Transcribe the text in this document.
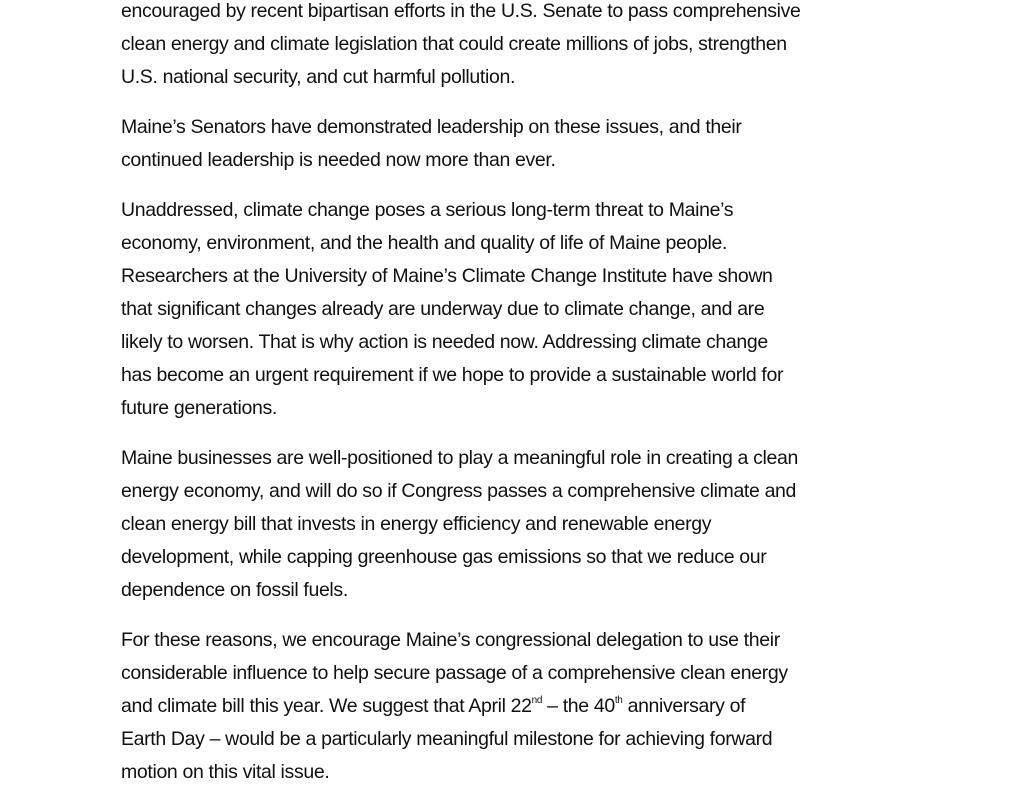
encouraged by recent bipartisan efforts in the U.S. Senate to pass comprehensive
clean energy and climate legislation that could create millions of jobs, strengthen
U.S. national security, and cut harmful pollution.
Maine’s Senators have demonstrated leadership on these issues, and their
continued leadership is needed now more than ever.
Unaddressed, climate change poses a serious long-term threat to Maine’s
economy, environment, and the health and quality of life of Maine people.
Researchers at the University of Maine’s Climate Change Institute have shown
that significant changes already are underway due to climate change, and are
likely to worsen. That is why action is needed now. Addressing climate change
has become an urgent requirement if we hope to provide a sustainable world for
future generations.
Maine businesses are well-positioned to play a meaningful role in creating a clean
energy economy, and will do so if Congress passes a comprehensive climate and
clean energy bill that invests in energy efficiency and renewable energy
development, while capping greenhouse gas emissions so that we reduce our
dependence on fossil fuels.
For these reasons, we encourage Maine’s congressional delegation to use their
considerable influence to help secure passage of a comprehensive clean energy
and climate bill this year. We suggest that April 22nd – the 40th anniversary of
Earth Day – would be a particularly meaningful milestone for achieving forward
motion on this vital issue.
